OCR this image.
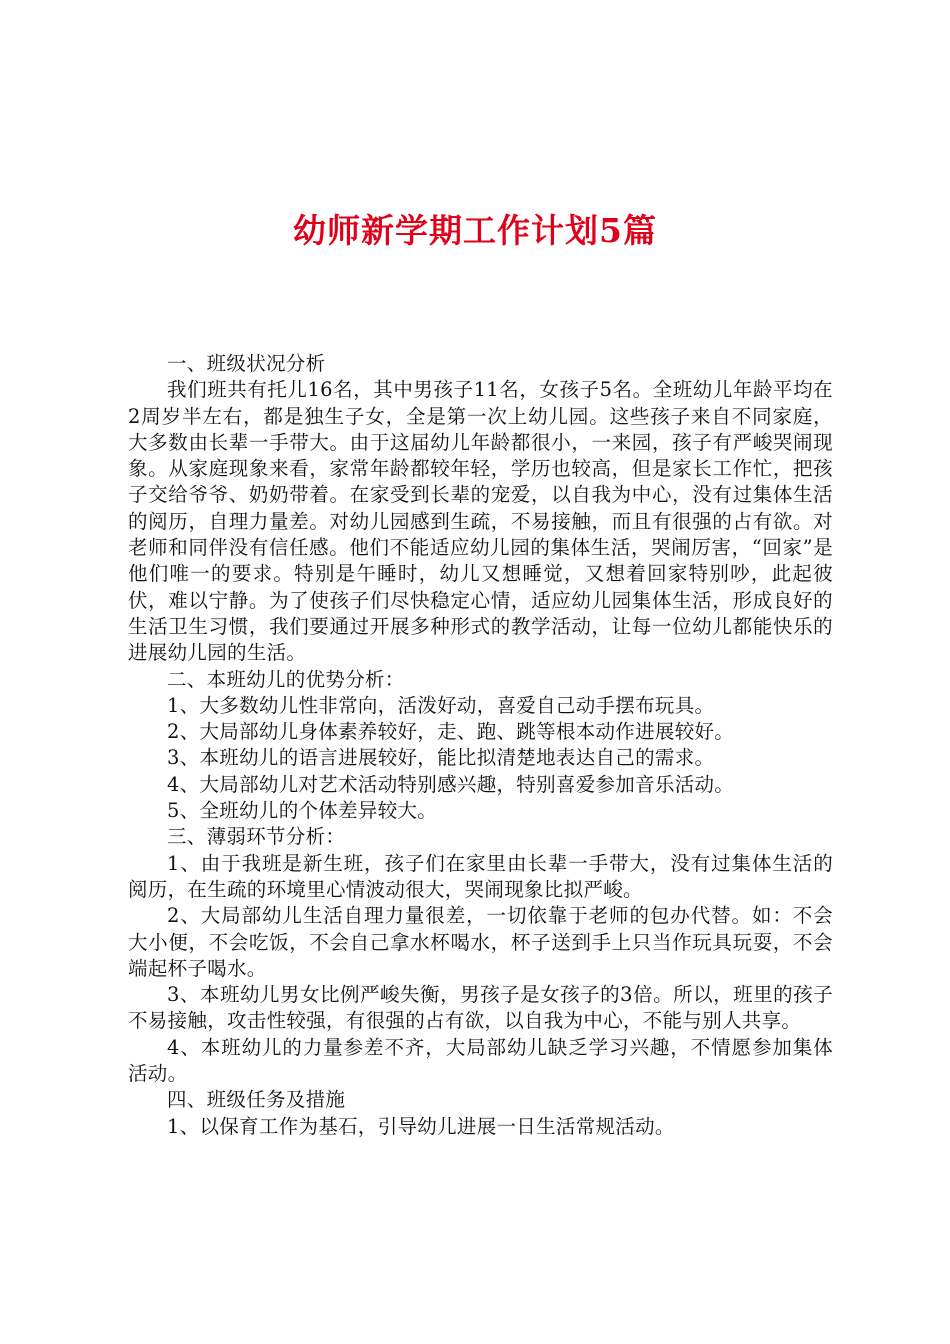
幼师新学期工作计划5篇

一、班级状况分析

我们班共有托儿16名，其中男孩子11名，女孩子5名。全班幼儿年龄平均在2周岁半左右，都是独生子女，全是第一次上幼儿园。这些孩子来自不同家庭，大多数由长辈一手带大。由于这届幼儿年龄都很小，一来园，孩子有严峻哭闹现象。从家庭现象来看，家常年龄都较年轻，学历也较高，但是家长工作忙，把孩子交给爷爷、奶奶带着。在家受到长辈的宠爱，以自我为中心，没有过集体生活的阅历，自理力量差。对幼儿园感到生疏，不易接触，而且有很强的占有欲。对老师和同伴没有信任感。他们不能适应幼儿园的集体生活，哭闹厉害，“回家”是他们唯一的要求。特别是午睡时，幼儿又想睡觉，又想着回家特别吵，此起彼伏，难以宁静。为了使孩子们尽快稳定心情，适应幼儿园集体生活，形成良好的生活卫生习惯，我们要通过开展多种形式的教学活动，让每一位幼儿都能快乐的进展幼儿园的生活。

二、本班幼儿的优势分析：

1、大多数幼儿性非常向，活泼好动，喜爱自己动手摆布玩具。

2、大局部幼儿身体素养较好，走、跑、跳等根本动作进展较好。

3、本班幼儿的语言进展较好，能比拟清楚地表达自己的需求。

4、大局部幼儿对艺术活动特别感兴趣，特别喜爱参加音乐活动。

5、全班幼儿的个体差异较大。

三、薄弱环节分析：

1、由于我班是新生班，孩子们在家里由长辈一手带大，没有过集体生活的阅历，在生疏的环境里心情波动很大，哭闹现象比拟严峻。

2、大局部幼儿生活自理力量很差，一切依靠于老师的包办代替。如：不会大小便，不会吃饭，不会自己拿水杯喝水，杯子送到手上只当作玩具玩耍，不会端起杯子喝水。

3、本班幼儿男女比例严峻失衡，男孩子是女孩子的3倍。所以，班里的孩子不易接触，攻击性较强，有很强的占有欲，以自我为中心，不能与别人共享。

4、本班幼儿的力量参差不齐，大局部幼儿缺乏学习兴趣，不情愿参加集体活动。

四、班级任务及措施

1、以保育工作为基石，引导幼儿进展一日生活常规活动。
